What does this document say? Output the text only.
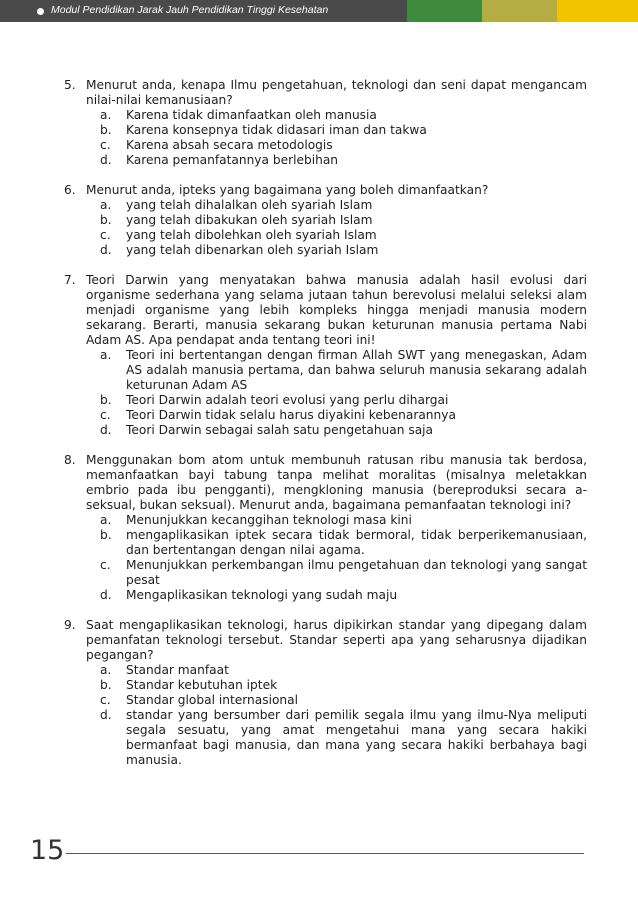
Modul Pendidikan Jarak Jauh Pendidikan Tinggi Kesehatan
5. Menurut anda, kenapa Ilmu pengetahuan, teknologi dan seni dapat mengancam nilai-nilai kemanusiaan?
a.	Karena tidak dimanfaatkan oleh manusia
b.	Karena konsepnya tidak didasari iman dan takwa
c.	Karena absah secara metodologis
d.	Karena pemanfatannya berlebihan
6. Menurut anda, ipteks yang bagaimana yang boleh dimanfaatkan?
a.	yang telah dihalalkan oleh syariah Islam
b.	yang telah dibakukan oleh syariah Islam
c.	yang telah dibolehkan oleh syariah Islam
d.	yang telah dibenarkan oleh syariah Islam
7. Teori Darwin yang menyatakan bahwa manusia adalah hasil evolusi dari organisme sederhana yang selama jutaan tahun berevolusi melalui seleksi alam menjadi organisme yang lebih kompleks hingga menjadi manusia modern sekarang. Berarti, manusia sekarang bukan keturunan manusia pertama Nabi Adam AS. Apa pendapat anda tentang teori ini!
a.	Teori ini bertentangan dengan firman Allah SWT yang menegaskan, Adam AS adalah manusia pertama, dan bahwa seluruh manusia sekarang adalah keturunan Adam AS
b.	Teori Darwin adalah teori evolusi yang perlu dihargai
c.	Teori Darwin tidak selalu harus diyakini kebenarannya
d.	Teori Darwin sebagai salah satu pengetahuan saja
8. Menggunakan bom atom untuk membunuh ratusan ribu manusia tak berdosa, memanfaatkan bayi tabung tanpa melihat moralitas (misalnya meletakkan embrio pada ibu pengganti), mengkloning manusia (bereproduksi secara a-seksual, bukan seksual). Menurut anda, bagaimana pemanfaatan teknologi ini?
a.	Menunjukkan kecanggihan teknologi masa kini
b.	mengaplikasikan iptek secara tidak bermoral, tidak berperikemanusiaan, dan bertentangan dengan nilai agama.
c.	Menunjukkan perkembangan ilmu pengetahuan dan teknologi yang sangat pesat
d.	Mengaplikasikan teknologi yang sudah maju
9. Saat mengaplikasikan teknologi, harus dipikirkan standar yang dipegang dalam pemanfatan teknologi tersebut. Standar seperti apa yang seharusnya dijadikan pegangan?
a.	Standar manfaat
b.	Standar kebutuhan iptek
c.	Standar global internasional
d.	standar yang bersumber dari pemilik segala ilmu yang ilmu-Nya meliputi segala sesuatu, yang amat mengetahui mana yang secara hakiki bermanfaat bagi manusia, dan mana yang secara hakiki berbahaya bagi manusia.
15
